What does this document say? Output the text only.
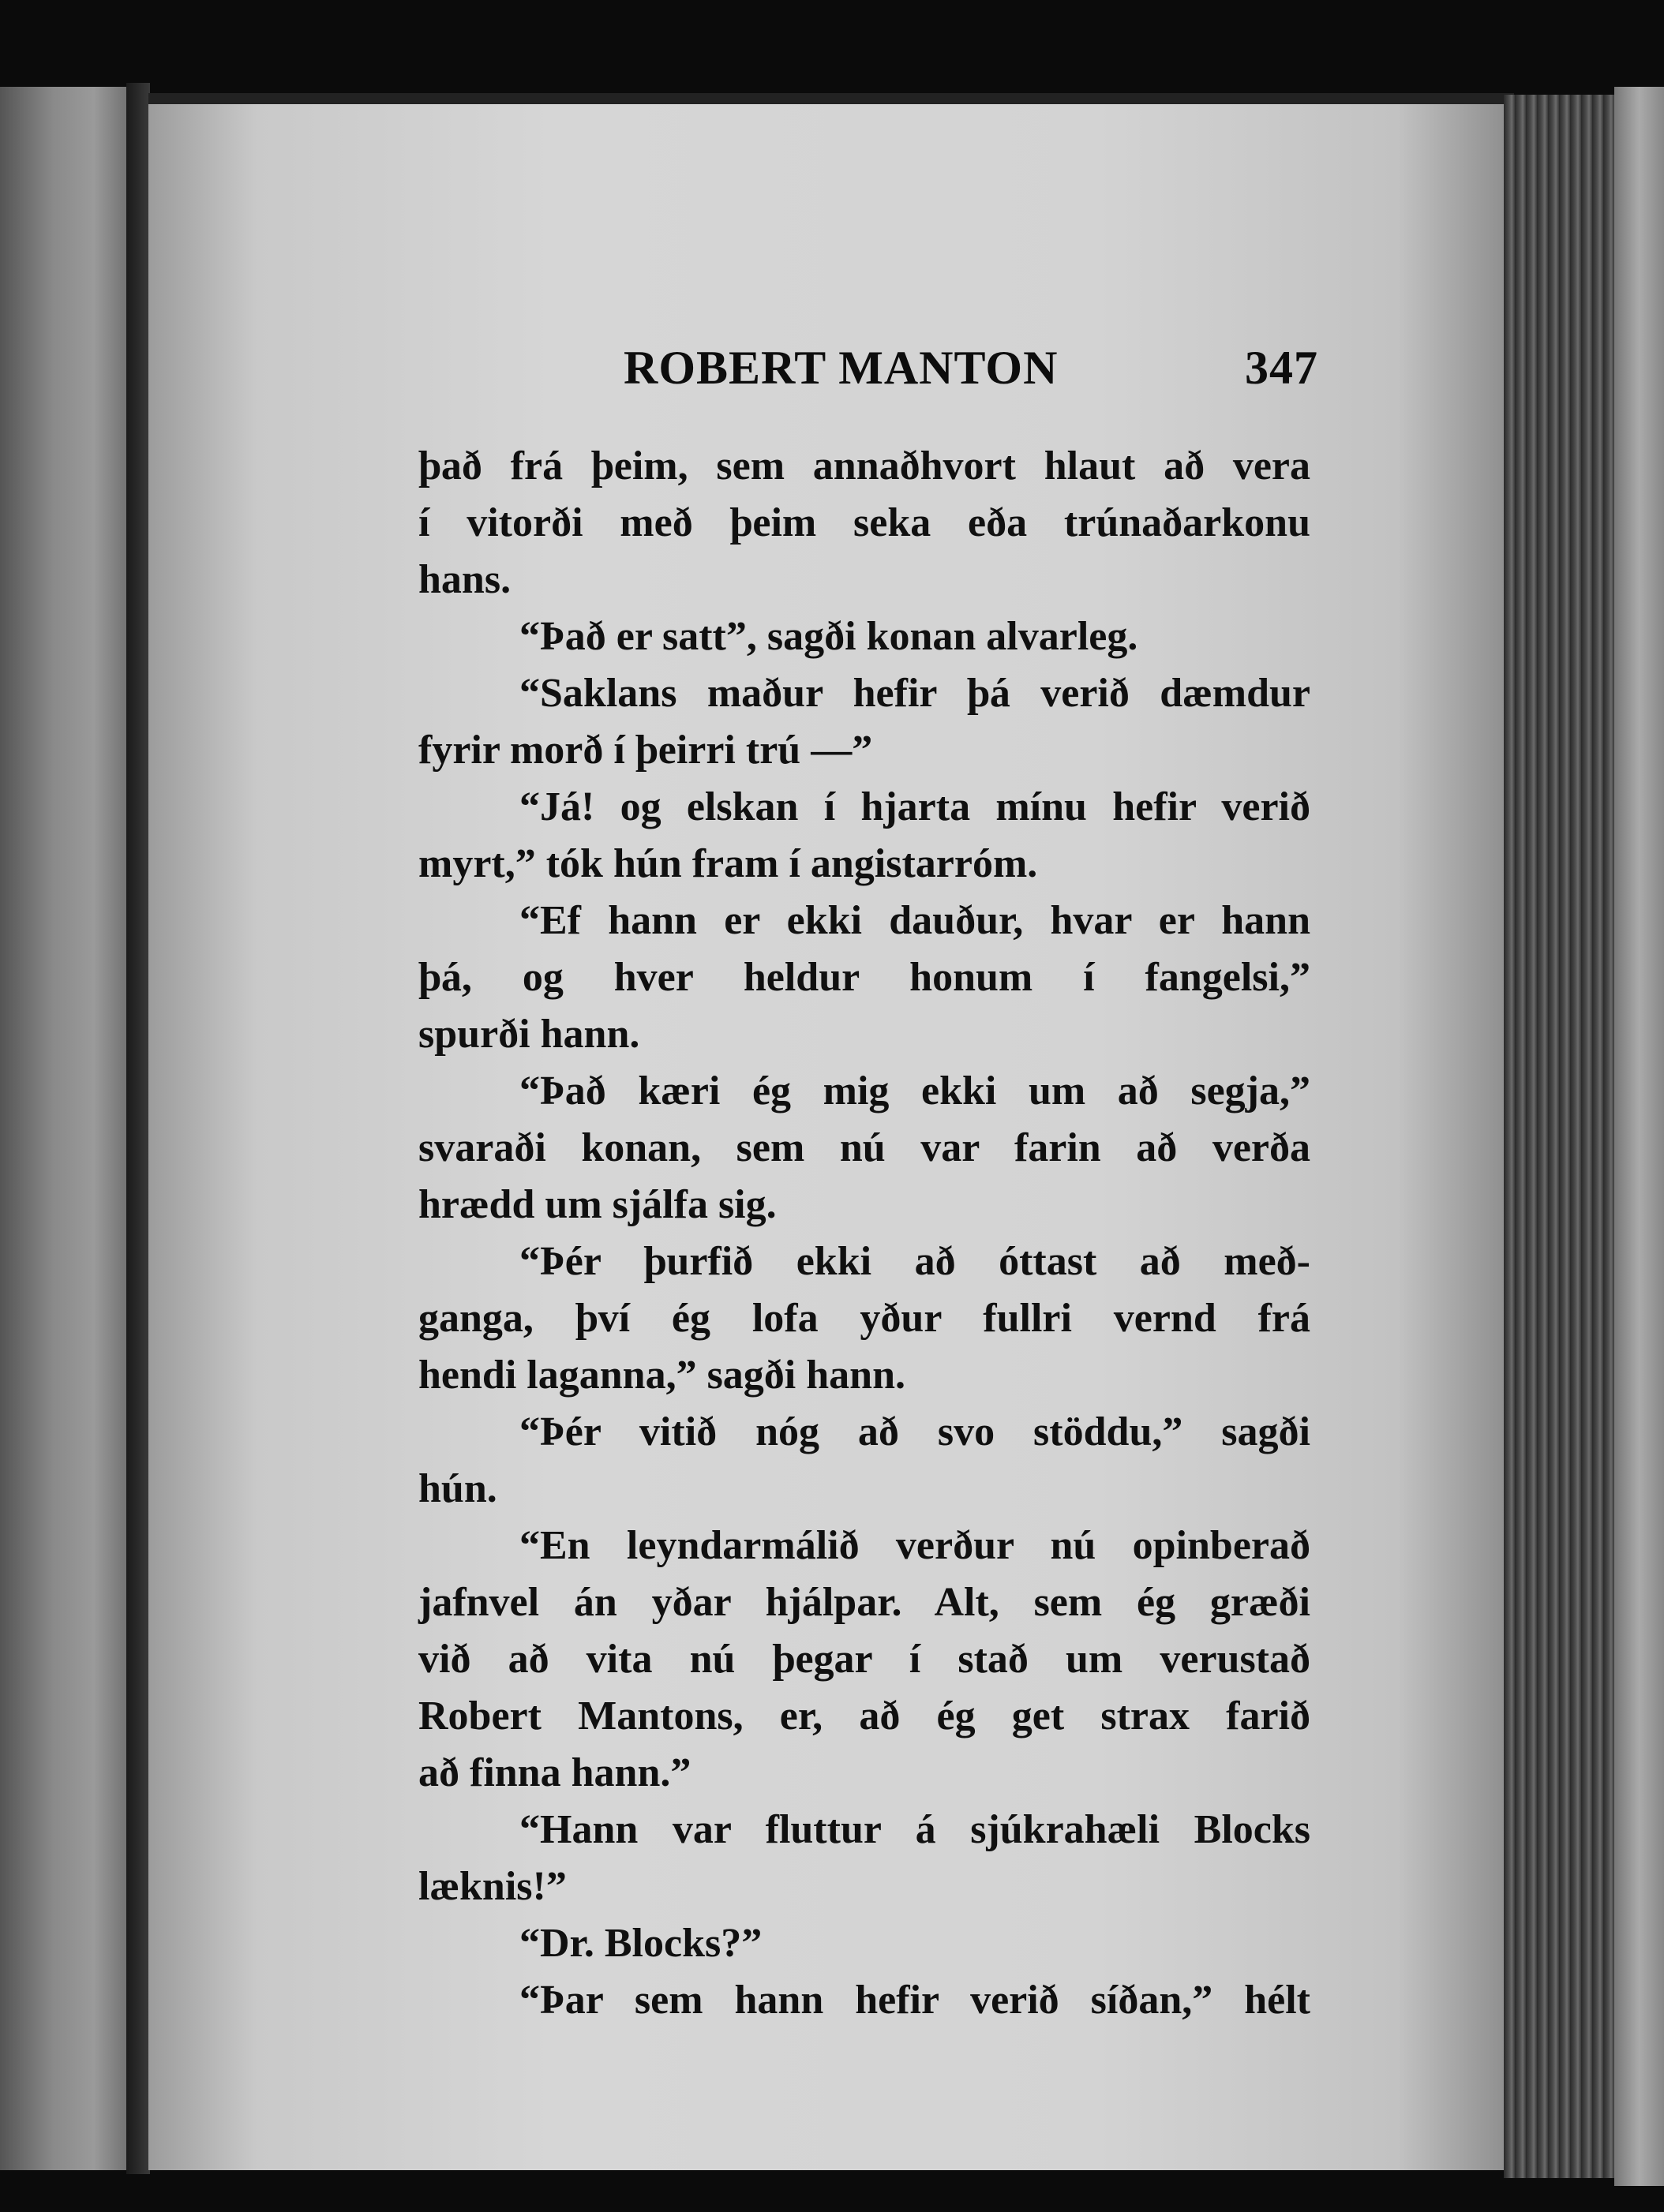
ROBERT MANTON	347
það frá þeim, sem annaðhvort hlaut að vera
í vitorði með þeim seka eða trúnaðarkonu
hans.
“Það er satt”, sagði konan alvarleg.
“Saklans maður hefir þá verið dæmdur
fyrir morð í þeirri trú —”
“Já! og elskan í hjarta mínu hefir verið
myrt,” tók hún fram í angistarróm.
“Ef hann er ekki dauður, hvar er hann
þá, og hver heldur honum í fangelsi,”
spurði hann.
“Það kæri ég mig ekki um að segja,”
svaraði konan, sem nú var farin að verða
hrædd um sjálfa sig.
“Þér þurfið ekki að óttast að með-
ganga, því ég lofa yður fullri vernd frá
hendi laganna,” sagði hann.
“Þér vitið nóg að svo stöddu,” sagði
hún.
“En leyndarmálið verður nú opinberað
jafnvel án yðar hjálpar. Alt, sem ég græði
við að vita nú þegar í stað um verustað
Robert Mantons, er, að ég get strax farið
að finna hann.”
“Hann var fluttur á sjúkrahæli Blocks
læknis!”
“Dr. Blocks?”
“Þar sem hann hefir verið síðan,” hélt
